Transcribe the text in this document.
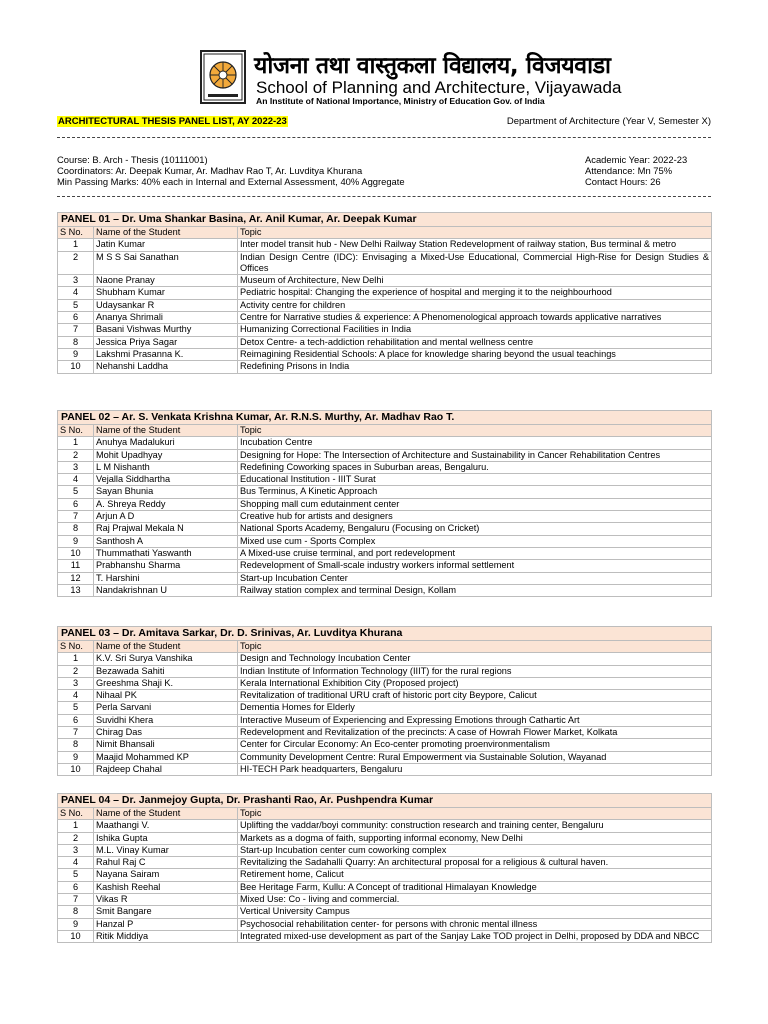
योजना तथा वास्तुकला विद्यालय, विजयवाडा
School of Planning and Architecture, Vijayawada
An Institute of National Importance, Ministry of Education Gov. of India
ARCHITECTURAL THESIS PANEL LIST, AY 2022-23	Department of Architecture (Year V, Semester X)
Course: B. Arch - Thesis (10111001)
Coordinators: Ar. Deepak Kumar, Ar. Madhav Rao T, Ar. Luvditya Khurana
Min Passing Marks: 40% each in Internal and External Assessment, 40% Aggregate
Academic Year: 2022-23
Attendance: Mn 75%
Contact Hours: 26
PANEL 01 – Dr. Uma Shankar Basina, Ar. Anil Kumar, Ar. Deepak Kumar		
S No.	Name of the Student	Topic
1	Jatin Kumar	Inter model transit hub - New Delhi Railway Station Redevelopment of railway station, Bus terminal & metro
2	M S S Sai Sanathan	Indian Design Centre (IDC): Envisaging a Mixed-Use Educational, Commercial High-Rise for Design Studies & Offices
3	Naone Pranay	Museum of Architecture, New Delhi
4	Shubham Kumar	Pediatric hospital: Changing the experience of hospital and merging it to the neighbourhood
5	Udaysankar R	Activity centre for children
6	Ananya Shrimali	Centre for Narrative studies & experience: A Phenomenological approach towards applicative narratives
7	Basani Vishwas Murthy	Humanizing Correctional Facilities in India
8	Jessica Priya Sagar	Detox Centre- a tech-addiction rehabilitation and mental wellness centre
9	Lakshmi Prasanna K.	Reimagining Residential Schools: A place for knowledge sharing beyond the usual teachings
10	Nehanshi Laddha	Redefining Prisons in India
PANEL 02 – Ar. S. Venkata Krishna Kumar, Ar. R.N.S. Murthy, Ar. Madhav Rao T.		
S No.	Name of the Student	Topic
1	Anuhya Madalukuri	Incubation Centre
2	Mohit Upadhyay	Designing for Hope: The Intersection of Architecture and Sustainability in Cancer Rehabilitation Centres
3	L M Nishanth	Redefining Coworking spaces in Suburban areas, Bengaluru.
4	Vejalla Siddhartha	Educational Institution - IIIT Surat
5	Sayan Bhunia	Bus Terminus, A Kinetic Approach
6	A. Shreya Reddy	Shopping mall cum edutainment center
7	Arjun A D	Creative hub for artists and designers
8	Raj Prajwal Mekala N	National Sports Academy, Bengaluru (Focusing on Cricket)
9	Santhosh A	Mixed use cum - Sports Complex
10	Thummathati Yaswanth	A Mixed-use cruise terminal, and port redevelopment
11	Prabhanshu Sharma	Redevelopment of Small-scale industry workers informal settlement
12	T. Harshini	Start-up Incubation Center
13	Nandakrishnan U	Railway station complex and terminal Design, Kollam
PANEL 03 – Dr. Amitava Sarkar, Dr. D. Srinivas, Ar. Luvditya Khurana		
S No.	Name of the Student	Topic
1	K.V. Sri Surya Vanshika	Design and Technology Incubation Center
2	Bezawada Sahiti	Indian Institute of Information Technology (IIIT) for the rural regions
3	Greeshma Shaji K.	Kerala International Exhibition City (Proposed project)
4	Nihaal PK	Revitalization of traditional URU craft of historic port city Beypore, Calicut
5	Perla Sarvani	Dementia Homes for Elderly
6	Suvidhi Khera	Interactive Museum of Experiencing and Expressing Emotions through Cathartic Art
7	Chirag Das	Redevelopment and Revitalization of the precincts: A case of Howrah Flower Market, Kolkata
8	Nimit Bhansali	Center for Circular Economy: An Eco-center promoting proenvironmentalism
9	Maajid Mohammed KP	Community Development Centre: Rural Empowerment via Sustainable Solution, Wayanad
10	Rajdeep Chahal	HI-TECH Park headquarters, Bengaluru
PANEL 04 – Dr. Janmejoy Gupta, Dr. Prashanti Rao, Ar. Pushpendra Kumar		
S No.	Name of the Student	Topic
1	Maathangi V.	Uplifting the vaddar/boyi community: construction research and training center, Bengaluru
2	Ishika Gupta	Markets as a dogma of faith, supporting informal economy, New Delhi
3	M.L. Vinay Kumar	Start-up Incubation center cum coworking complex
4	Rahul Raj C	Revitalizing the Sadahalli Quarry: An architectural proposal for a religious & cultural haven.
5	Nayana Sairam	Retirement home, Calicut
6	Kashish Reehal	Bee Heritage Farm, Kullu: A Concept of traditional Himalayan Knowledge
7	Vikas R	Mixed Use: Co - living and commercial.
8	Smit Bangare	Vertical University Campus
9	Hanzal P	Psychosocial rehabilitation center- for persons with chronic mental illness
10	Ritik Middiya	Integrated mixed-use development as part of the Sanjay Lake TOD project in Delhi, proposed by DDA and NBCC
